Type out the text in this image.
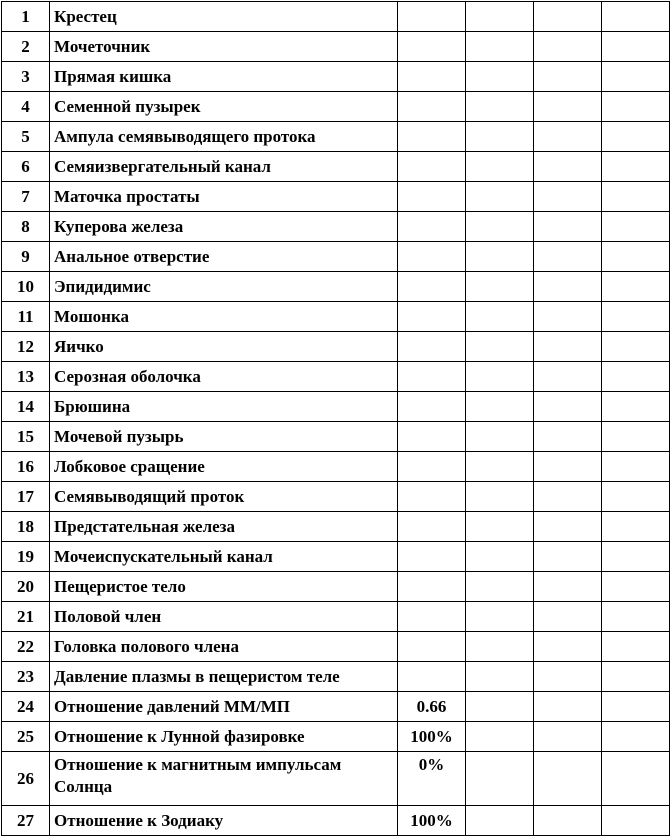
1	Крестец				
2	Мочеточник				
3	Прямая кишка				
4	Семенной пузырек				
5	Ампула семявыводящего протока				
6	Семяизвергательный канал				
7	Маточка простаты				
8	Куперова железа				
9	Анальное отверстие				
10	Эпидидимис				
11	Мошонка				
12	Яичко				
13	Серозная оболочка				
14	Брюшина				
15	Мочевой пузырь				
16	Лобковое сращение				
17	Семявыводящий проток				
18	Предстательная железа				
19	Мочеиспускательный канал				
20	Пещеристое тело				
21	Половой член				
22	Головка полового члена				
23	Давление плазмы в пещеристом теле				
24	Отношение давлений ММ/МП	0.66			
25	Отношение к Лунной фазировке	100%			
26	Отношение к магнитным импульсам Солнца	0%			
27	Отношение к Зодиаку	100%			
